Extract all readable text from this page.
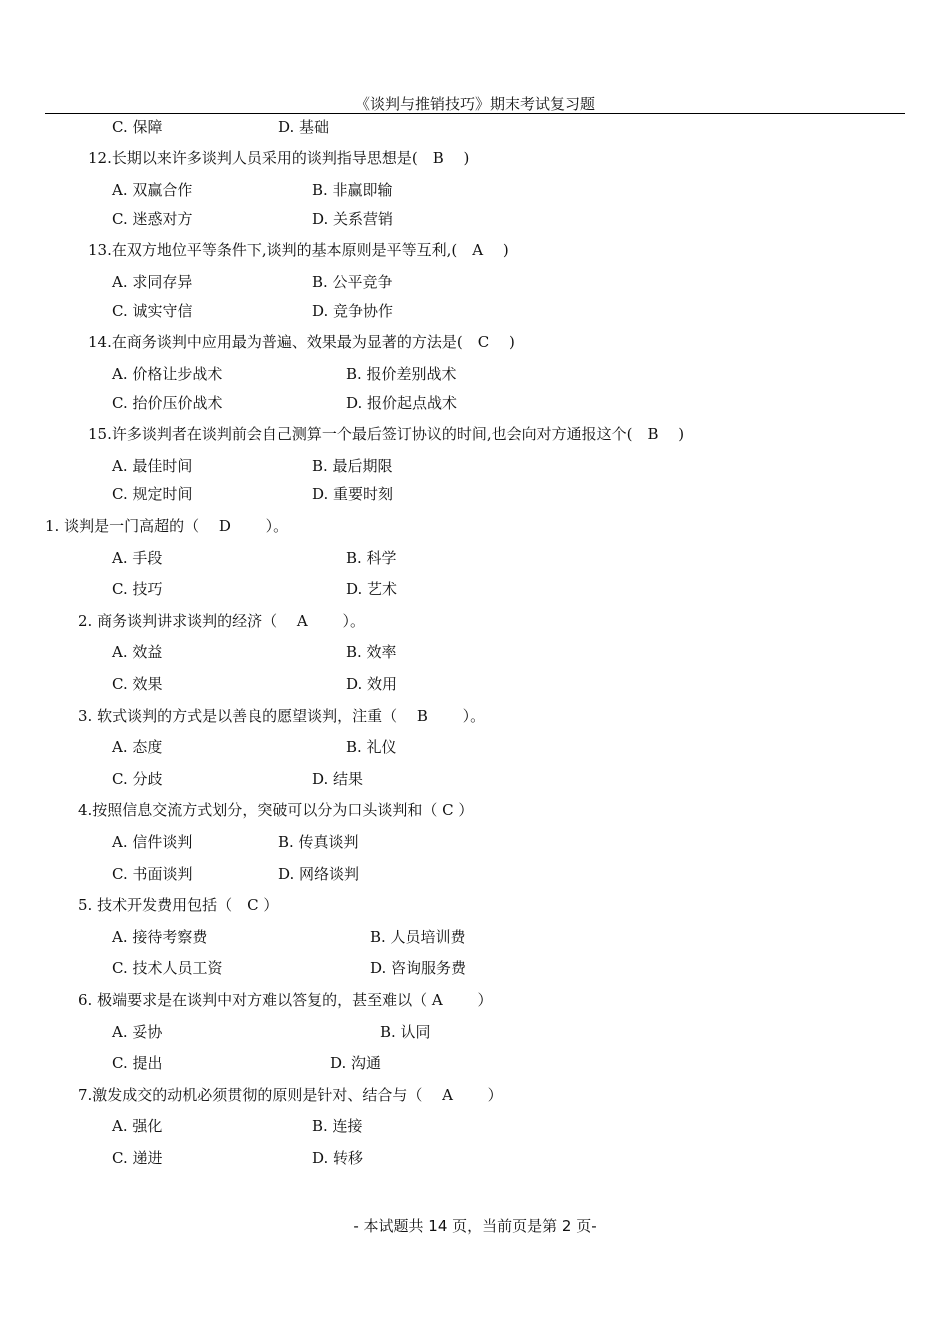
《谈判与推销技巧》期末考试复习题
C. 保障	D. 基础
12.长期以来许多谈判人员采用的谈判指导思想是(　B　 )
A. 双赢合作	B. 非赢即输
C. 迷惑对方	D. 关系营销
13.在双方地位平等条件下,谈判的基本原则是平等互利,(　A　 )
A. 求同存异	B. 公平竞争
C. 诚实守信	D. 竞争协作
14.在商务谈判中应用最为普遍、效果最为显著的方法是(　C　 )
A. 价格让步战术	B. 报价差别战术
C. 抬价压价战术	D. 报价起点战术
15.许多谈判者在谈判前会自己测算一个最后签订协议的时间,也会向对方通报这个(　B　 )
A. 最佳时间	B. 最后期限
C. 规定时间	D. 重要时刻
1. 谈判是一门高超的（　 D　　 ）。
A. 手段	B. 科学
C. 技巧	D. 艺术
2. 商务谈判讲求谈判的经济（　 A　　 ）。
A. 效益	B. 效率
C. 效果	D. 效用
3. 软式谈判的方式是以善良的愿望谈判，注重（　 B　　 ）。
A. 态度	B. 礼仪
C. 分歧	D. 结果
4.按照信息交流方式划分，突破可以分为口头谈判和（ C ）
A. 信件谈判	B. 传真谈判
C. 书面谈判	D. 网络谈判
5. 技术开发费用包括（　C ）
A. 接待考察费	B. 人员培训费
C. 技术人员工资	D. 咨询服务费
6. 极端要求是在谈判中对方难以答复的，甚至难以（ A　　 ）
A. 妥协	B. 认同
C. 提出	D. 沟通
7.激发成交的动机必须贯彻的原则是针对、结合与（　 A　　 ）
A. 强化	B. 连接
C. 递进	D. 转移
- 本试题共 14 页，当前页是第 2 页-
